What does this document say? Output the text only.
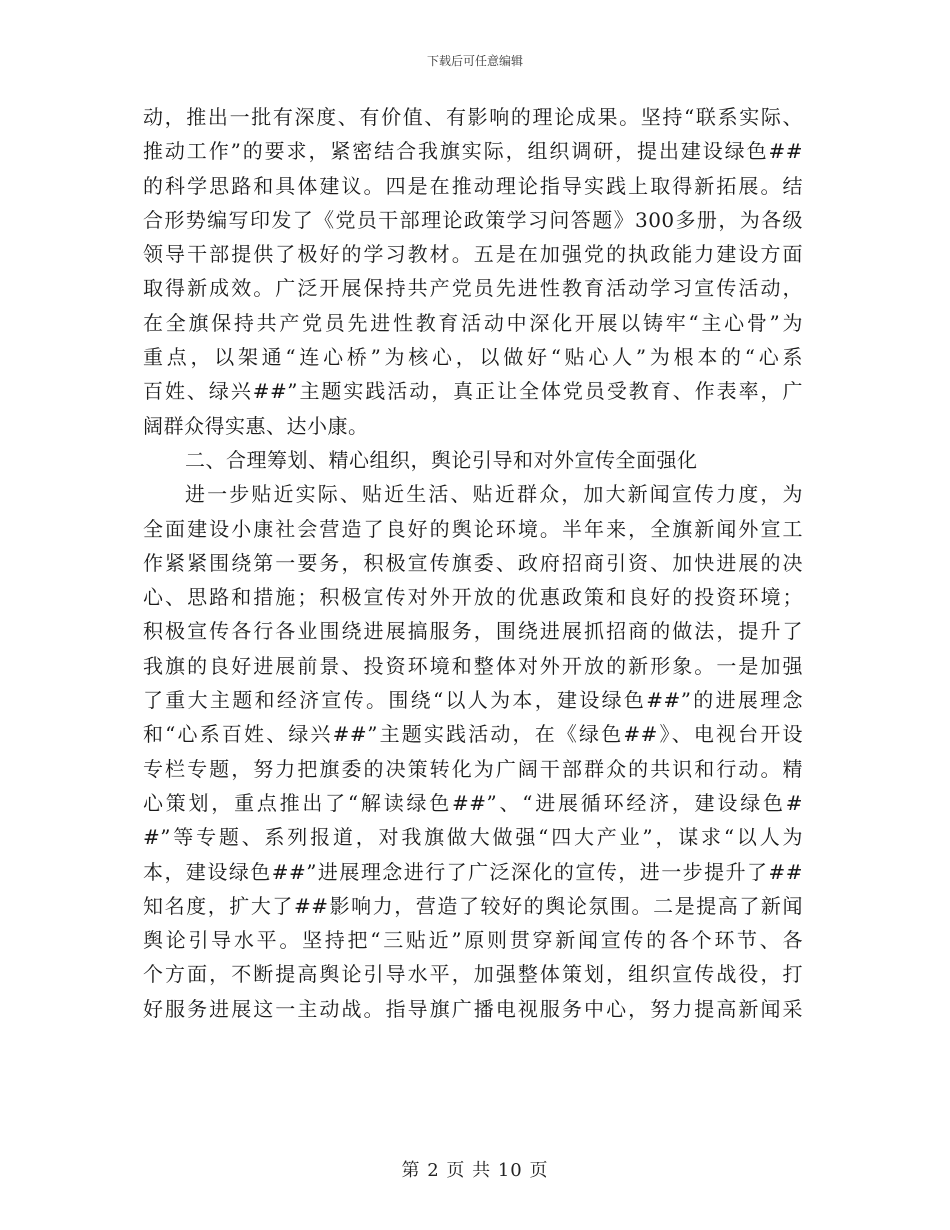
下载后可任意编辑
动，推出一批有深度、有价值、有影响的理论成果。坚持“联系实际、
推动工作”的要求，紧密结合我旗实际，组织调研，提出建设绿色##
的科学思路和具体建议。四是在推动理论指导实践上取得新拓展。结
合形势编写印发了《党员干部理论政策学习问答题》300多册，为各级
领导干部提供了极好的学习教材。五是在加强党的执政能力建设方面
取得新成效。广泛开展保持共产党员先进性教育活动学习宣传活动，
在全旗保持共产党员先进性教育活动中深化开展以铸牢“主心骨”为
重点，以架通“连心桥”为核心，以做好“贴心人”为根本的“心系
百姓、绿兴##”主题实践活动，真正让全体党员受教育、作表率，广
阔群众得实惠、达小康。
二、合理筹划、精心组织，舆论引导和对外宣传全面强化
进一步贴近实际、贴近生活、贴近群众，加大新闻宣传力度，为
全面建设小康社会营造了良好的舆论环境。半年来，全旗新闻外宣工
作紧紧围绕第一要务，积极宣传旗委、政府招商引资、加快进展的决
心、思路和措施；积极宣传对外开放的优惠政策和良好的投资环境；
积极宣传各行各业围绕进展搞服务，围绕进展抓招商的做法，提升了
我旗的良好进展前景、投资环境和整体对外开放的新形象。一是加强
了重大主题和经济宣传。围绕“以人为本，建设绿色##”的进展理念
和“心系百姓、绿兴##”主题实践活动，在《绿色##》、电视台开设
专栏专题，努力把旗委的决策转化为广阔干部群众的共识和行动。精
心策划，重点推出了“解读绿色##”、“进展循环经济，建设绿色#
#”等专题、系列报道，对我旗做大做强“四大产业”，谋求“以人为
本，建设绿色##”进展理念进行了广泛深化的宣传，进一步提升了##
知名度，扩大了##影响力，营造了较好的舆论氛围。二是提高了新闻
舆论引导水平。坚持把“三贴近”原则贯穿新闻宣传的各个环节、各
个方面，不断提高舆论引导水平，加强整体策划，组织宣传战役，打
好服务进展这一主动战。指导旗广播电视服务中心，努力提高新闻采
第 2 页 共 10 页
